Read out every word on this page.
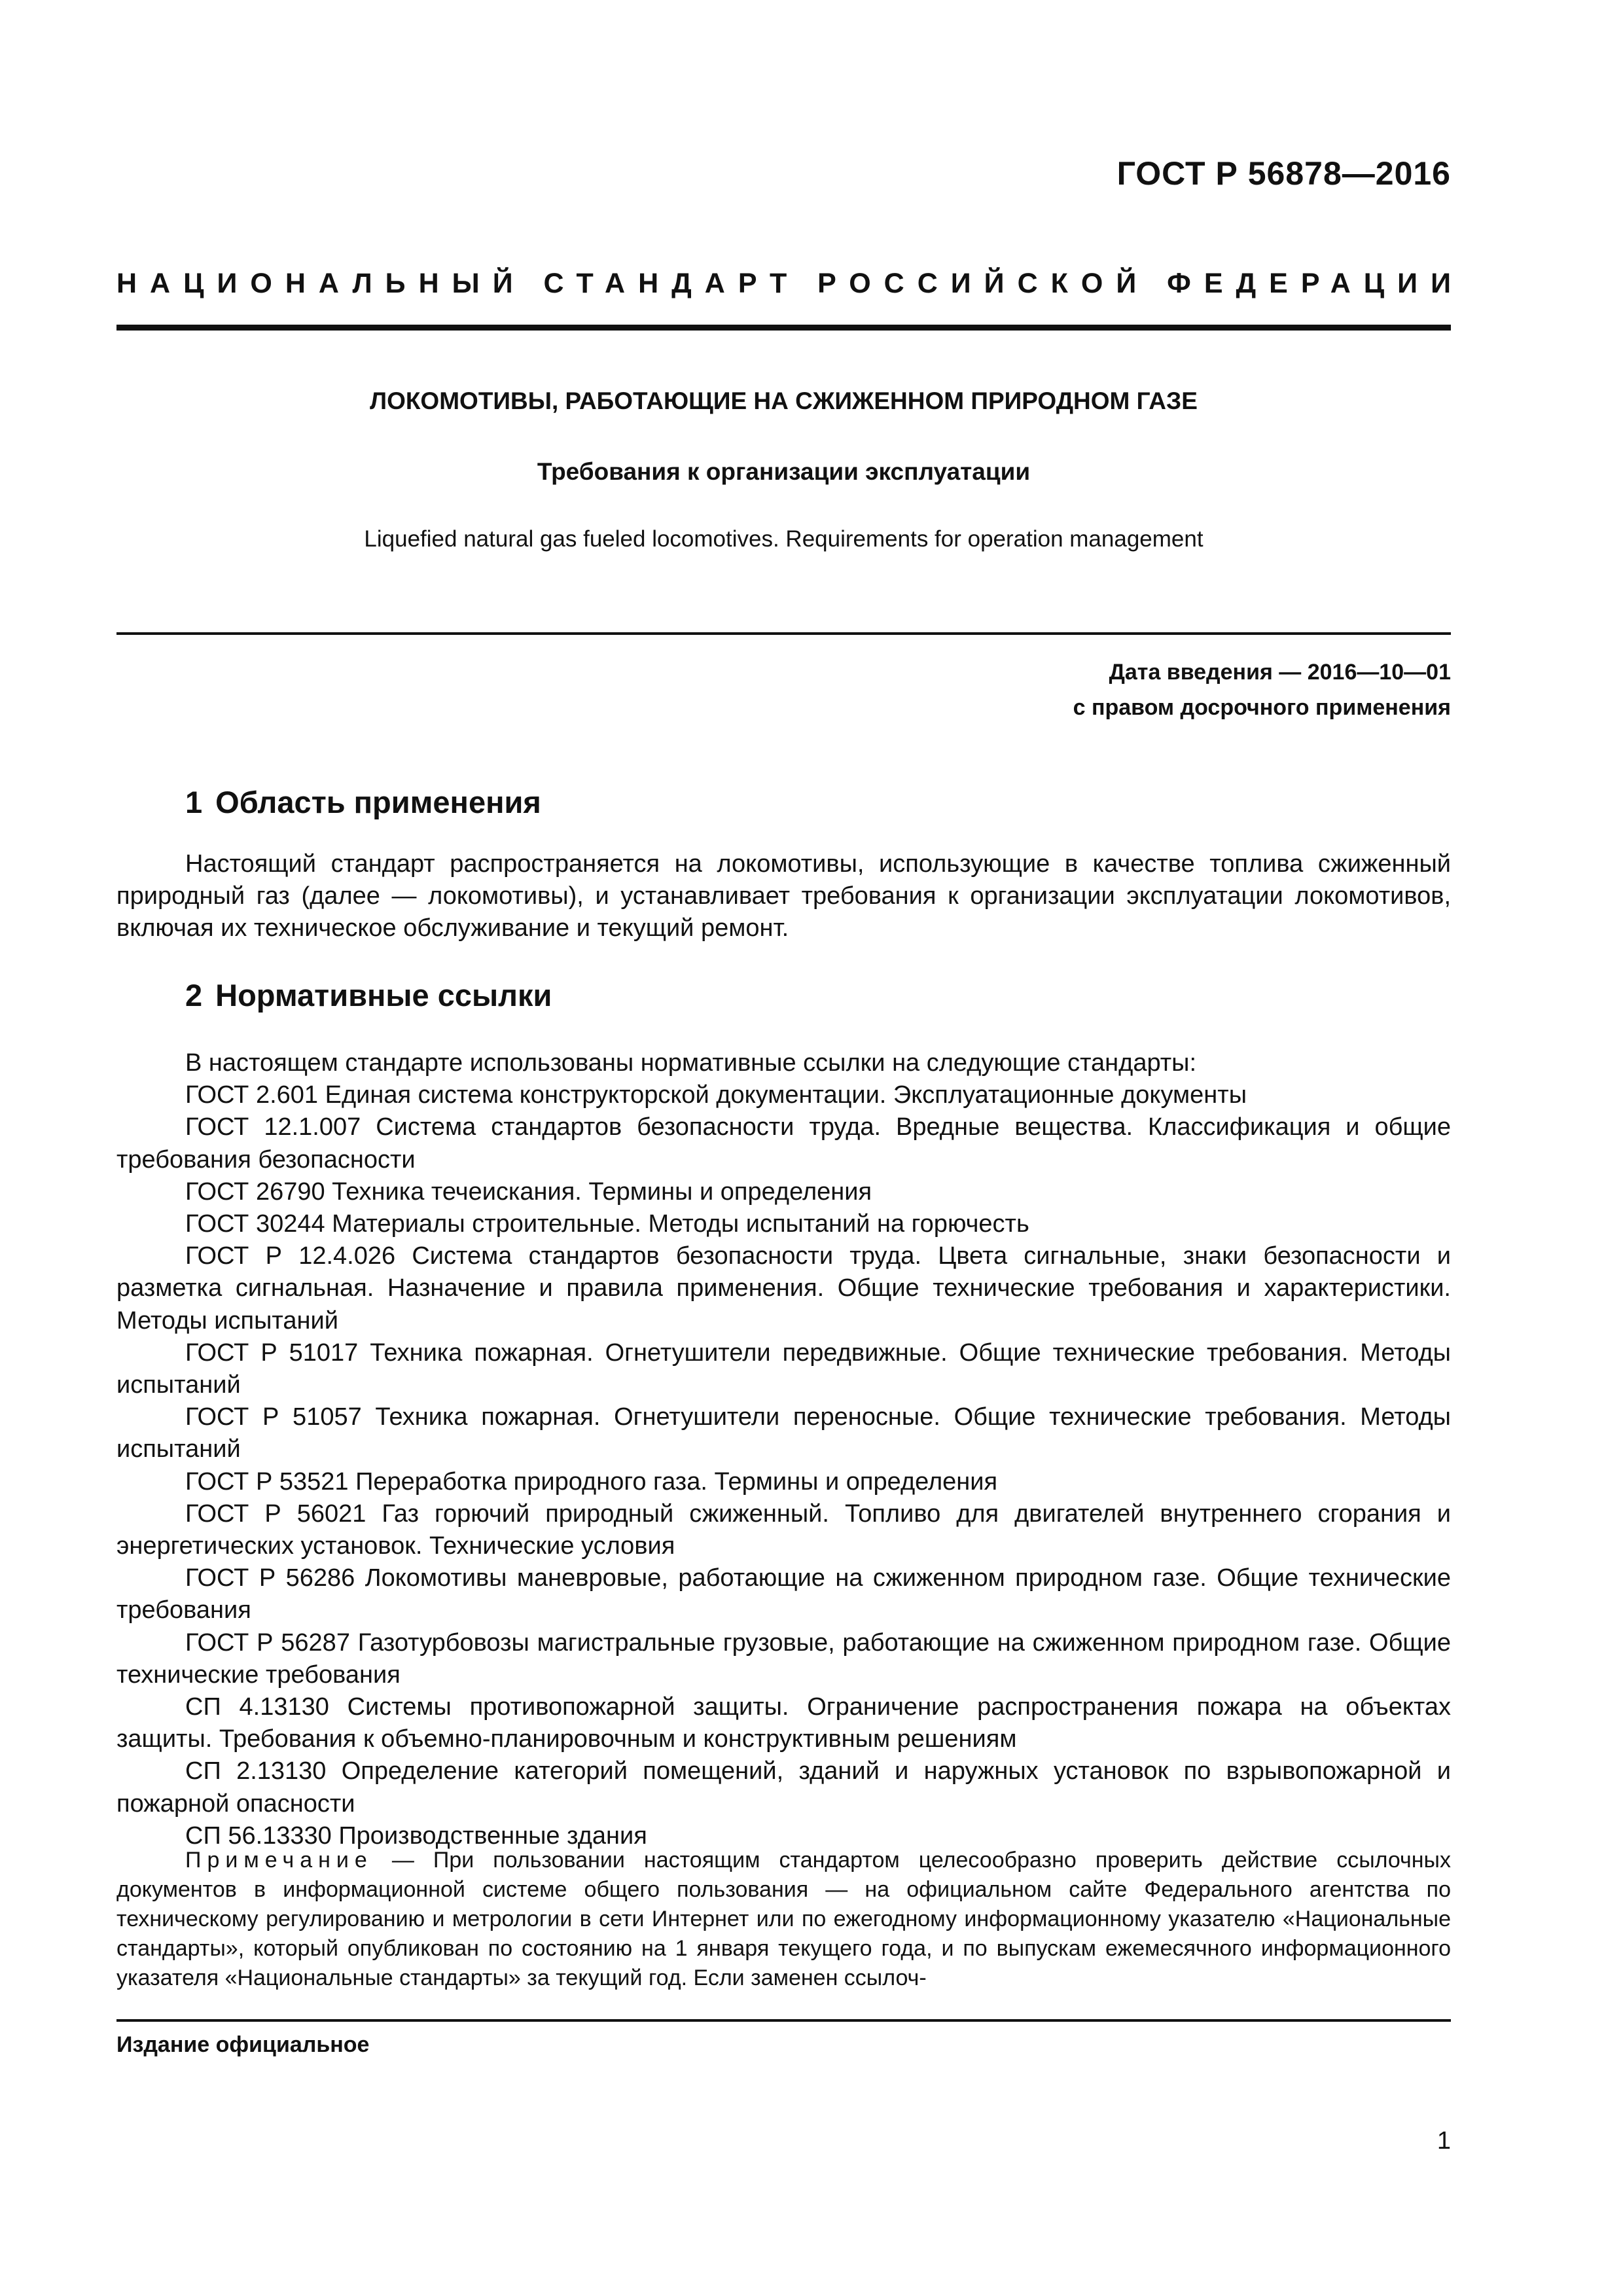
ГОСТ Р 56878—2016
НАЦИОНАЛЬНЫЙ СТАНДАРТ РОССИЙСКОЙ ФЕДЕРАЦИИ
ЛОКОМОТИВЫ, РАБОТАЮЩИЕ НА СЖИЖЕННОМ ПРИРОДНОМ ГАЗЕ
Требования к организации эксплуатации
Liquefied natural gas fueled locomotives. Requirements for operation management
Дата введения — 2016—10—01
с правом досрочного применения
1 Область применения

Настоящий стандарт распространяется на локомотивы, использующие в качестве топлива сжиженный природный газ (далее — локомотивы), и устанавливает требования к организации эксплуатации локомотивов, включая их техническое обслуживание и текущий ремонт.

2 Нормативные ссылки

В настоящем стандарте использованы нормативные ссылки на следующие стандарты:

ГОСТ 2.601 Единая система конструкторской документации. Эксплуатационные документы

ГОСТ 12.1.007 Система стандартов безопасности труда. Вредные вещества. Классификация и общие требования безопасности

ГОСТ 26790 Техника течеискания. Термины и определения

ГОСТ 30244 Материалы строительные. Методы испытаний на горючесть

ГОСТ Р 12.4.026 Система стандартов безопасности труда. Цвета сигнальные, знаки безопасности и разметка сигнальная. Назначение и правила применения. Общие технические требования и характеристики. Методы испытаний

ГОСТ Р 51017 Техника пожарная. Огнетушители передвижные. Общие технические требования. Методы испытаний

ГОСТ Р 51057 Техника пожарная. Огнетушители переносные. Общие технические требования. Методы испытаний

ГОСТ Р 53521 Переработка природного газа. Термины и определения

ГОСТ Р 56021 Газ горючий природный сжиженный. Топливо для двигателей внутреннего сгорания и энергетических установок. Технические условия

ГОСТ Р 56286 Локомотивы маневровые, работающие на сжиженном природном газе. Общие технические требования

ГОСТ Р 56287 Газотурбовозы магистральные грузовые, работающие на сжиженном природном газе. Общие технические требования

СП 4.13130 Системы противопожарной защиты. Ограничение распространения пожара на объектах защиты. Требования к объемно-планировочным и конструктивным решениям

СП 2.13130 Определение категорий помещений, зданий и наружных установок по взрывопожарной и пожарной опасности

СП 56.13330 Производственные здания

Примечание — При пользовании настоящим стандартом целесообразно проверить действие ссылочных документов в информационной системе общего пользования — на официальном сайте Федерального агентства по техническому регулированию и метрологии в сети Интернет или по ежегодному информационному указателю «Национальные стандарты», который опубликован по состоянию на 1 января текущего года, и по выпускам ежемесячного информационного указателя «Национальные стандарты» за текущий год. Если заменен ссылоч-

Издание официальное
1
